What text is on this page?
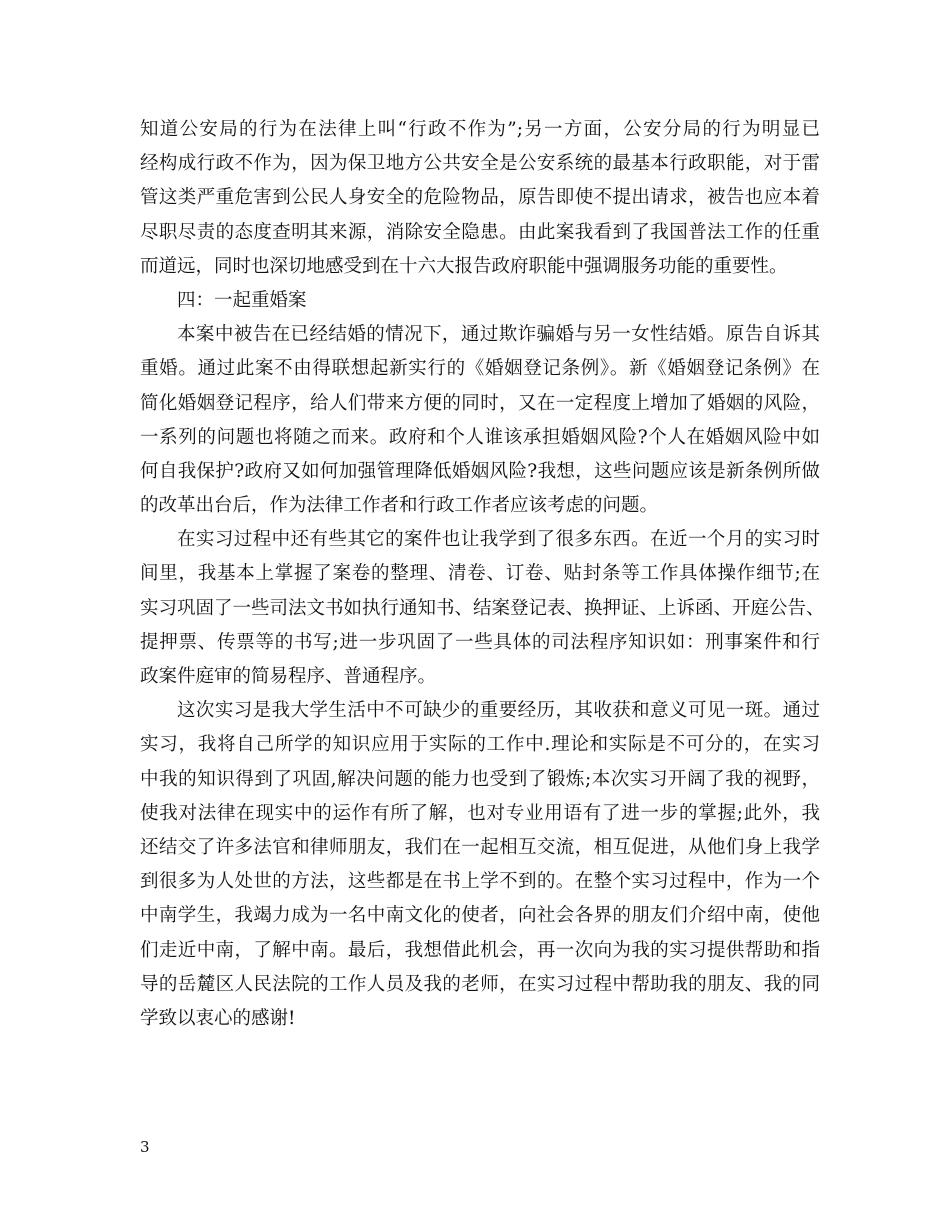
知道公安局的行为在法律上叫“行政不作为”;另一方面，公安分局的行为明显已
经构成行政不作为，因为保卫地方公共安全是公安系统的最基本行政职能，对于雷
管这类严重危害到公民人身安全的危险物品，原告即使不提出请求，被告也应本着
尽职尽责的态度查明其来源，消除安全隐患。由此案我看到了我国普法工作的任重
而道远，同时也深切地感受到在十六大报告政府职能中强调服务功能的重要性。
四：一起重婚案
本案中被告在已经结婚的情况下，通过欺诈骗婚与另一女性结婚。原告自诉其
重婚。通过此案不由得联想起新实行的《婚姻登记条例》。新《婚姻登记条例》在
简化婚姻登记程序，给人们带来方便的同时，又在一定程度上增加了婚姻的风险，
一系列的问题也将随之而来。政府和个人谁该承担婚姻风险?个人在婚姻风险中如
何自我保护?政府又如何加强管理降低婚姻风险?我想，这些问题应该是新条例所做
的改革出台后，作为法律工作者和行政工作者应该考虑的问题。
在实习过程中还有些其它的案件也让我学到了很多东西。在近一个月的实习时
间里，我基本上掌握了案卷的整理、清卷、订卷、贴封条等工作具体操作细节;在
实习巩固了一些司法文书如执行通知书、结案登记表、换押证、上诉函、开庭公告、
提押票、传票等的书写;进一步巩固了一些具体的司法程序知识如：刑事案件和行
政案件庭审的简易程序、普通程序。
这次实习是我大学生活中不可缺少的重要经历，其收获和意义可见一斑。通过
实习，我将自己所学的知识应用于实际的工作中.理论和实际是不可分的，在实习
中我的知识得到了巩固,解决问题的能力也受到了锻炼;本次实习开阔了我的视野，
使我对法律在现实中的运作有所了解，也对专业用语有了进一步的掌握;此外，我
还结交了许多法官和律师朋友，我们在一起相互交流，相互促进，从他们身上我学
到很多为人处世的方法，这些都是在书上学不到的。在整个实习过程中，作为一个
中南学生，我竭力成为一名中南文化的使者，向社会各界的朋友们介绍中南，使他
们走近中南，了解中南。最后，我想借此机会，再一次向为我的实习提供帮助和指
导的岳麓区人民法院的工作人员及我的老师，在实习过程中帮助我的朋友、我的同
学致以衷心的感谢!
3
